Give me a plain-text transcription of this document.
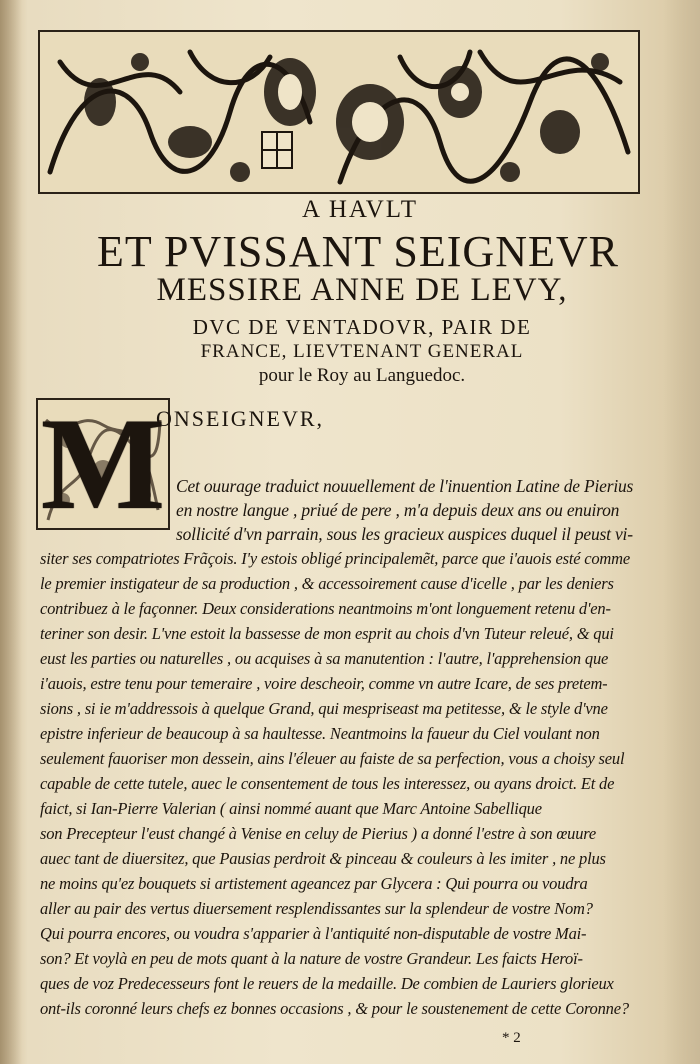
A HAVLT
ET PVISSANT SEIGNEVR
MESSIRE ANNE DE LEVY,
DVC DE VENTADOVR, PAIR DE
FRANCE, LIEVTENANT GENERAL
pour le Roy au Languedoc.
M
ONSEIGNEVR,
Cet ouurage traduict nouuellement de l'inuention Latine de Pierius
en nostre langue , priué de pere , m'a depuis deux ans ou enuiron
sollicité d'vn parrain, sous les gracieux auspices duquel il peust vi-
siter ses compatriotes Frãçois. I'y estois obligé principalemẽt, parce que i'auois esté comme
le premier instigateur de sa production , & accessoirement cause d'icelle , par les deniers
contribuez à le façonner. Deux considerations neantmoins m'ont longuement retenu d'en-
teriner son desir. L'vne estoit la bassesse de mon esprit au chois d'vn Tuteur releué, & qui
eust les parties ou naturelles , ou acquises à sa manutention : l'autre, l'apprehension que
i'auois, estre tenu pour temeraire , voire descheoir, comme vn autre Icare, de ses pretem-
sions , si ie m'addressois à quelque Grand, qui mespriseast ma petitesse, & le style d'vne
epistre inferieur de beaucoup à sa haultesse. Neantmoins la faueur du Ciel voulant non
seulement fauoriser mon dessein, ains l'éleuer au faiste de sa perfection, vous a choisy seul
capable de cette tutele, auec le consentement de tous les interessez, ou ayans droict. Et de
faict, si Ian-Pierre Valerian ( ainsi nommé auant que Marc Antoine Sabellique
son Precepteur l'eust changé à Venise en celuy de Pierius ) a donné l'estre à son œuure
auec tant de diuersitez, que Pausias perdroit & pinceau & couleurs à les imiter , ne plus
ne moins qu'ez bouquets si artistement ageancez par Glycera : Qui pourra ou voudra
aller au pair des vertus diuersement resplendissantes sur la splendeur de vostre Nom?
Qui pourra encores, ou voudra s'apparier à l'antiquité non-disputable de vostre Mai-
son? Et voylà en peu de mots quant à la nature de vostre Grandeur. Les faicts Heroï-
ques de voz Predecesseurs font le reuers de la medaille. De combien de Lauriers glorieux
ont-ils coronné leurs chefs ez bonnes occasions , & pour le soustenement de cette Coronne?
* 2
